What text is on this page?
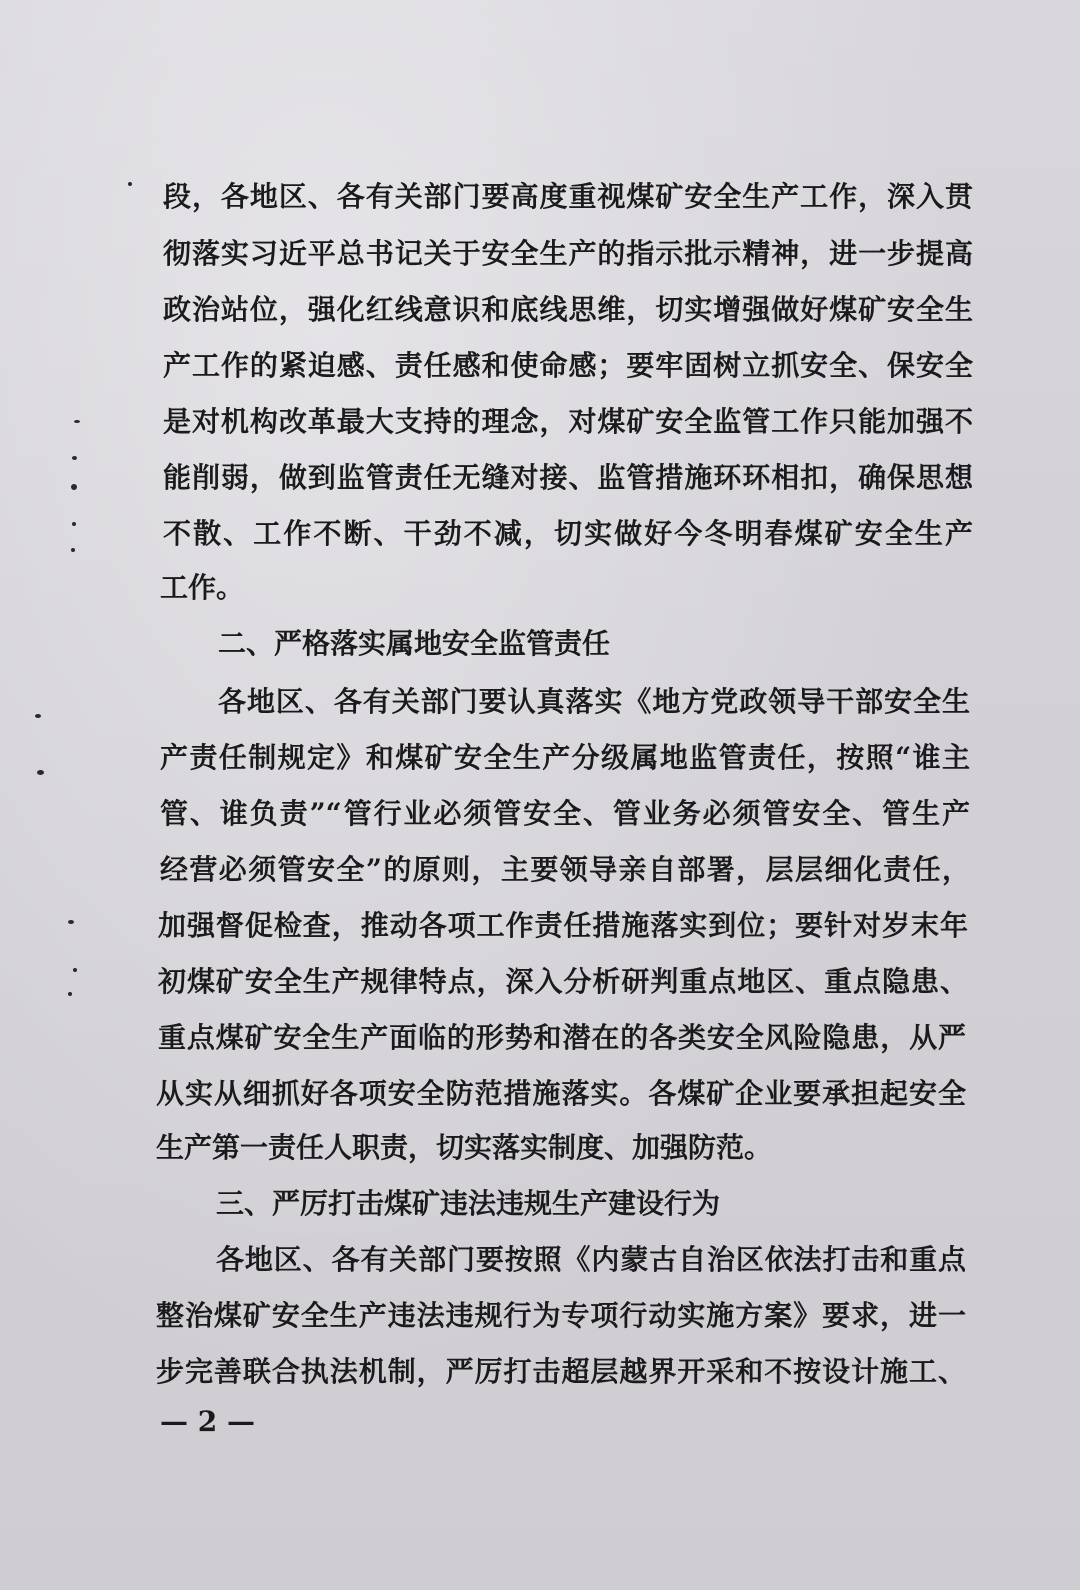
段，各地区、各有关部门要高度重视煤矿安全生产工作，深入贯
彻落实习近平总书记关于安全生产的指示批示精神，进一步提高
政治站位，强化红线意识和底线思维，切实增强做好煤矿安全生
产工作的紧迫感、责任感和使命感；要牢固树立抓安全、保安全
是对机构改革最大支持的理念，对煤矿安全监管工作只能加强不
能削弱，做到监管责任无缝对接、监管措施环环相扣，确保思想
不散、工作不断、干劲不减，切实做好今冬明春煤矿安全生产
工作。
二、严格落实属地安全监管责任
各地区、各有关部门要认真落实《地方党政领导干部安全生
产责任制规定》和煤矿安全生产分级属地监管责任，按照“谁主
管、谁负责”“管行业必须管安全、管业务必须管安全、管生产
经营必须管安全”的原则，主要领导亲自部署，层层细化责任，
加强督促检查，推动各项工作责任措施落实到位；要针对岁末年
初煤矿安全生产规律特点，深入分析研判重点地区、重点隐患、
重点煤矿安全生产面临的形势和潜在的各类安全风险隐患，从严
从实从细抓好各项安全防范措施落实。各煤矿企业要承担起安全
生产第一责任人职责，切实落实制度、加强防范。
三、严厉打击煤矿违法违规生产建设行为
各地区、各有关部门要按照《内蒙古自治区依法打击和重点
整治煤矿安全生产违法违规行为专项行动实施方案》要求，进一
步完善联合执法机制，严厉打击超层越界开采和不按设计施工、
— 2 —
